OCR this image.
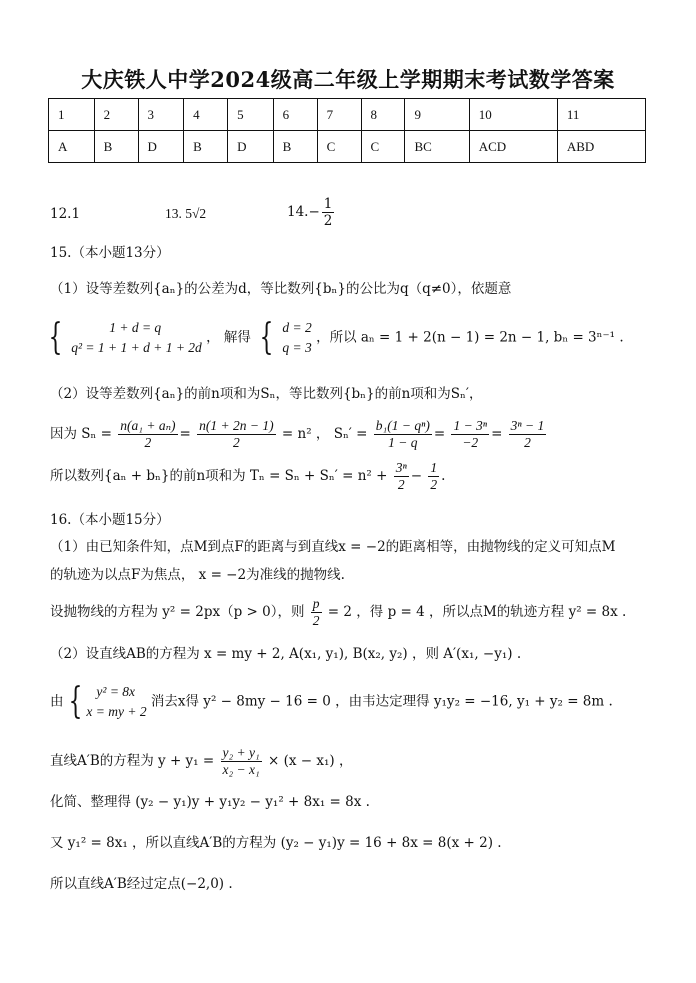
大庆铁人中学2024级高二年级上学期期末考试数学答案
1	2	3	4	5	6	7	8	9	10	11
A	B	D	B	D	B	C	C	BC	ACD	ABD
12.1	13. 5√2	$14.- \frac{1}{2}$
15.（本小题13分）
（1）设等差数列{aₙ}的公差为d，等比数列{bₙ}的公比为q（q≠0），依题意
{	1 + d = q
q² = 1 + 1 + d + 1 + 2d
， 解得 { d = 2
q = 3
，所以 aₙ = 1 + 2(n − 1) = 2n − 1, bₙ = 3ⁿ⁻¹ .
（2）设等差数列{aₙ}的前n项和为Sₙ，等比数列{bₙ}的前n项和为Sₙ′，
因为 $S_n = \frac{\text{n(a₁ + aₙ)}}{2} = \frac{n(1 + 2n - 1)}{2} = n^2$ ， $S_n' = \frac{\text{b₁(1 − qⁿ)}}{1 - q} = \frac{\text{1 − 3ⁿ}}{-2} = \frac{\text{3ⁿ − 1}}{2}$
所以数列{aₙ + bₙ}的前n项和为 $T_n = S_n + S_n' = n^2 + \frac{\text{3ⁿ}}{2} - \frac{1}{2}$ .
16.（本小题15分）
（1）由已知条件知，点M到点F的距离与到直线x = −2的距离相等，由抛物线的定义可知点M
的轨迹为以点F为焦点， x = −2为准线的抛物线.
设抛物线的方程为 y² = 2px（p > 0），则 $\frac{p}{2} = 2$ ，得 p = 4 ，所以点M的轨迹方程 y² = 8x .
（2）设直线AB的方程为 x = my + 2, A(x₁, y₁), B(x₂, y₂) ，则 A′(x₁, −y₁) .
由 {	y² = 8x
x = my + 2
消去x得 y² − 8my − 16 = 0 ，由韦达定理得 y₁y₂ = −16, y₁ + y₂ = 8m .
直线A′B的方程为 $y + y_1 = \frac{\text{y₂ + y₁}}{\text{x₂ − x₁}} \times (x - x_1)$ ，
化简、整理得 (y₂ − y₁)y + y₁y₂ − y₁² + 8x₁ = 8x .
又 y₁² = 8x₁ ，所以直线A′B的方程为 (y₂ − y₁)y = 16 + 8x = 8(x + 2) .
所以直线A′B经过定点(−2,0) .
